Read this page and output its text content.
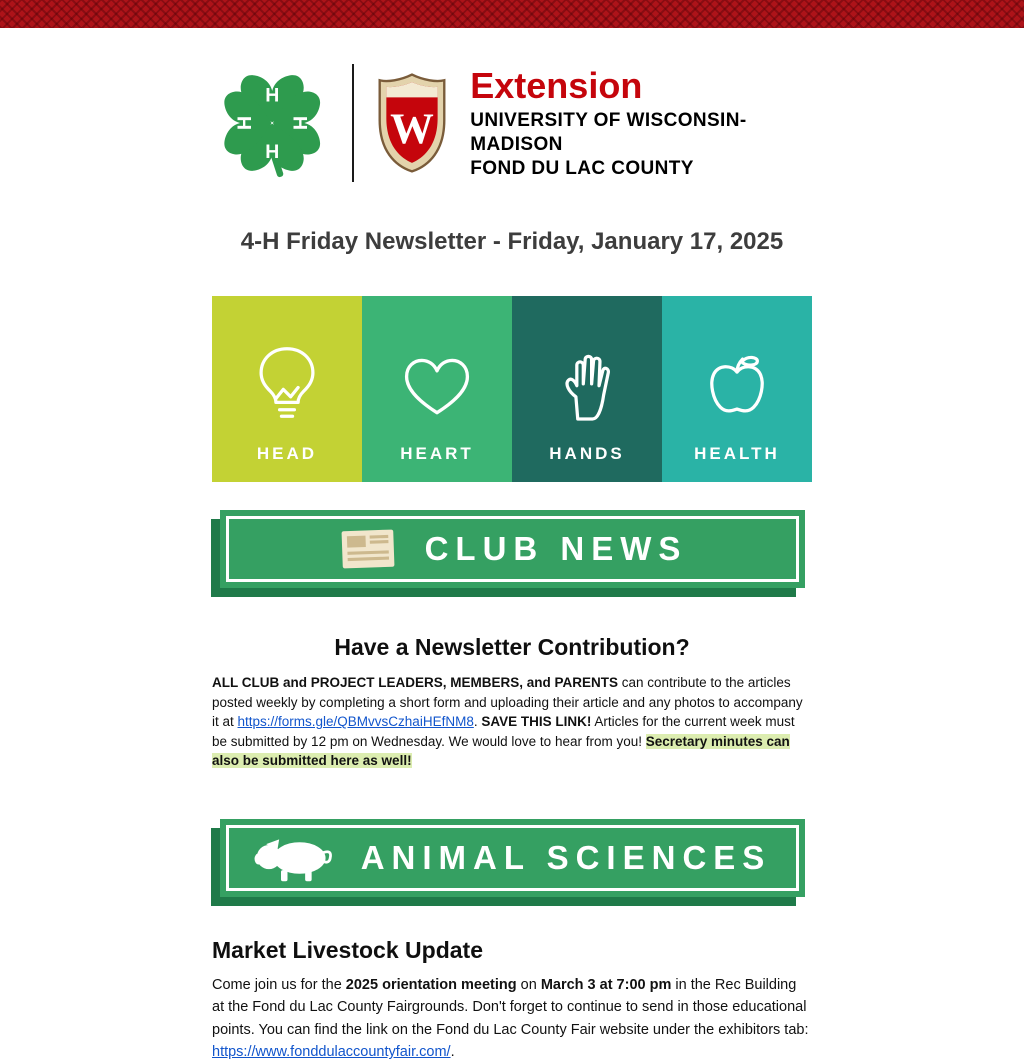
H
H
H
H	W
Extension
UNIVERSITY OF WISCONSIN-MADISON
FOND DU LAC COUNTY
4-H Friday Newsletter - Friday, January 17, 2025
HEAD	HEART	HANDS	HEALTH
CLUB NEWS
Have a Newsletter Contribution?

ALL CLUB and PROJECT LEADERS, MEMBERS, and PARENTS can contribute to the articles posted weekly by completing a short form and uploading their article and any photos to accompany it at https://forms.gle/QBMvvsCzhaiHEfNM8. SAVE THIS LINK! Articles for the current week must be submitted by 12 pm on Wednesday. We would love to hear from you! Secretary minutes can also be submitted here as well!

ANIMAL SCIENCES
Market Livestock Update

Come join us for the 2025 orientation meeting on March 3 at 7:00 pm in the Rec Building at the Fond du Lac County Fairgrounds. Don't forget to continue to send in those educational points. You can find the link on the Fond du Lac County Fair website under the exhibitors tab: https://www.fonddulaccountyfair.com/.
